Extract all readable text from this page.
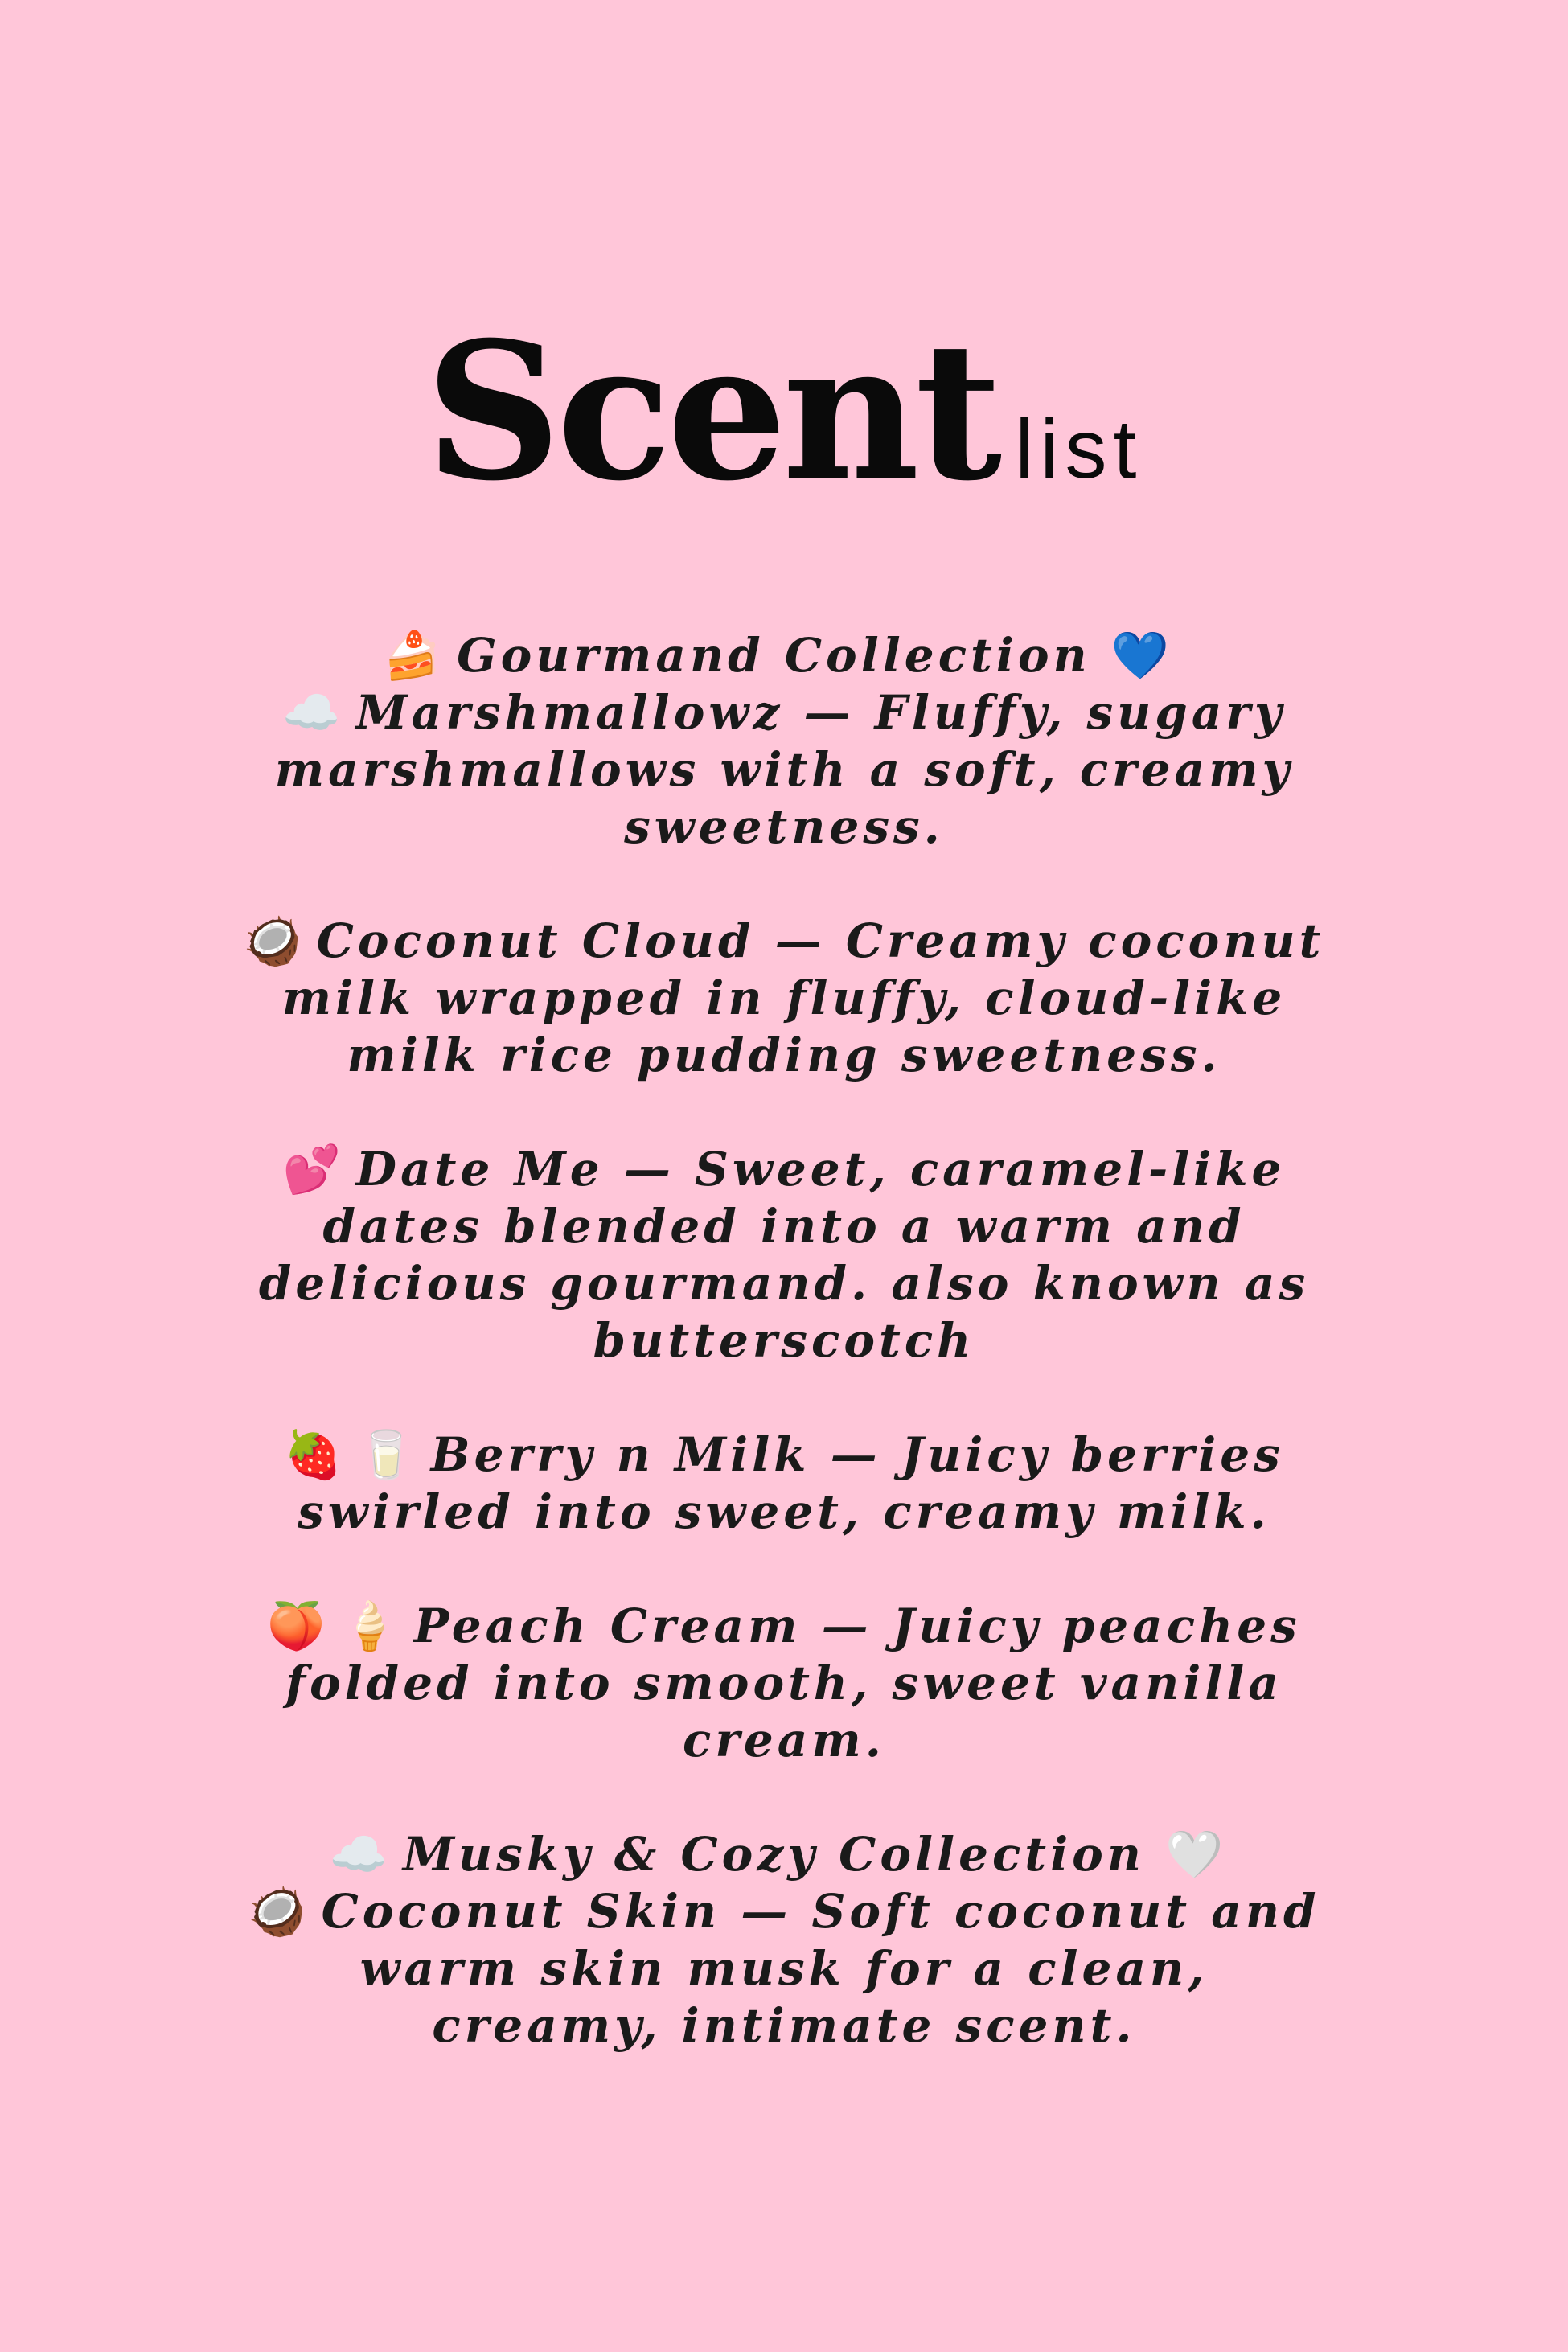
Scent list
🍰 Gourmand Collection 💙
☁️ Marshmallowz — Fluffy, sugary marshmallows with a soft, creamy sweetness.
🥥 Coconut Cloud — Creamy coconut milk wrapped in fluffy, cloud-like milk rice pudding sweetness.
💕 Date Me — Sweet, caramel-like dates blended into a warm and delicious gourmand. also known as butterscotch
🍓 🥛 Berry n Milk — Juicy berries swirled into sweet, creamy milk.
🍑 🍦 Peach Cream — Juicy peaches folded into smooth, sweet vanilla cream.
☁️ Musky & Cozy Collection 🤍
🥥 Coconut Skin — Soft coconut and warm skin musk for a clean, creamy, intimate scent.
